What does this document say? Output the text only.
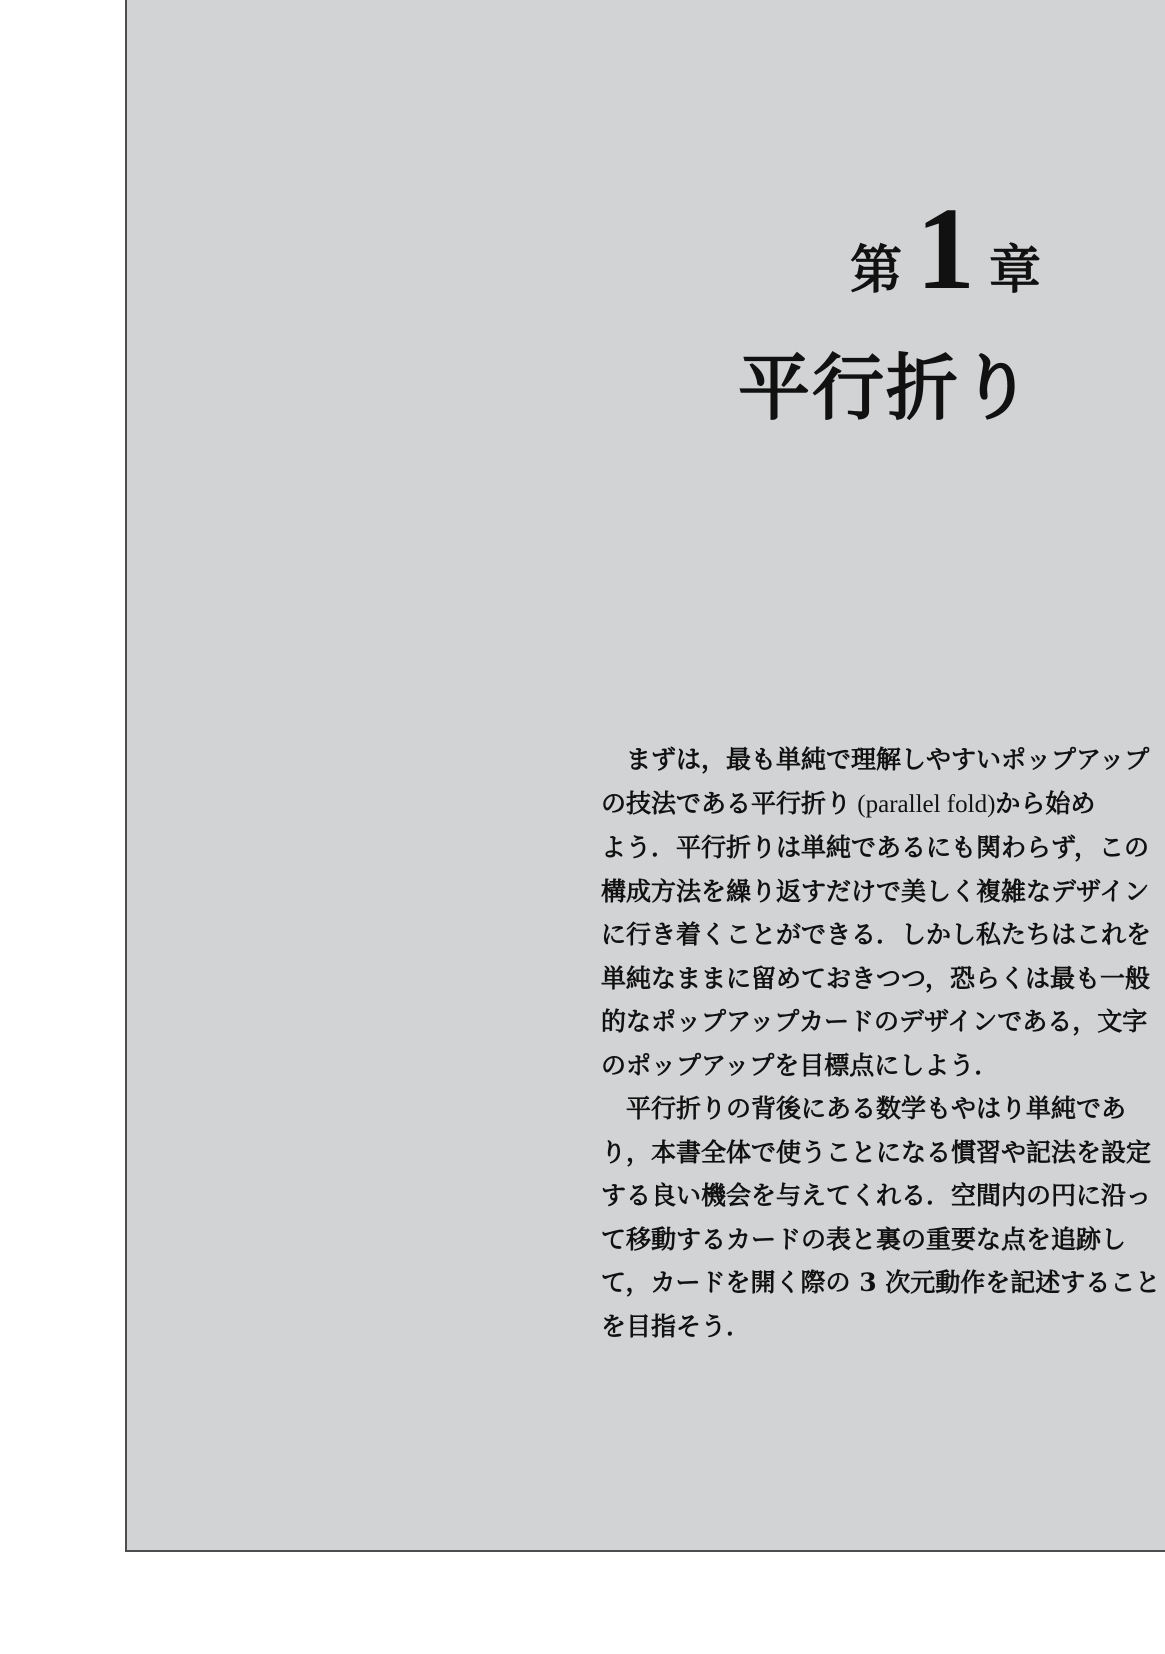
第 1 章
平行折り
まずは，最も単純で理解しやすいポップアップ
の技法である平行折り (parallel fold)から始め
よう．平行折りは単純であるにも関わらず，この
構成方法を繰り返すだけで美しく複雑なデザイン
に行き着くことができる．しかし私たちはこれを
単純なままに留めておきつつ，恐らくは最も一般
的なポップアップカードのデザインである，文字
のポップアップを目標点にしよう．
平行折りの背後にある数学もやはり単純であ
り，本書全体で使うことになる慣習や記法を設定
する良い機会を与えてくれる．空間内の円に沿っ
て移動するカードの表と裏の重要な点を追跡し
て，カードを開く際の 3 次元動作を記述すること
を目指そう．
